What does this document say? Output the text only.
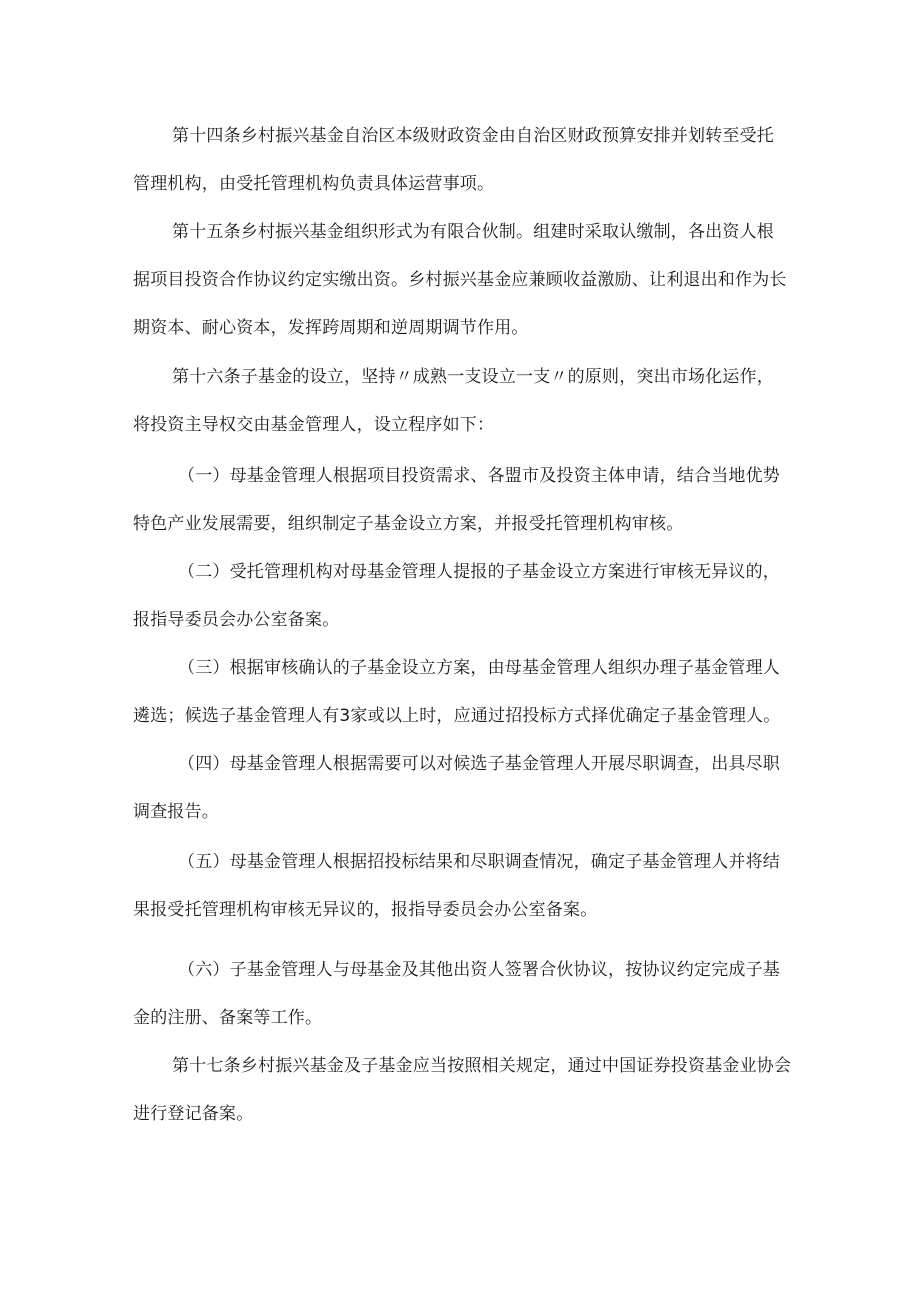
第十四条乡村振兴基金自治区本级财政资金由自治区财政预算安排并划转至受托
管理机构，由受托管理机构负责具体运营事项。
第十五条乡村振兴基金组织形式为有限合伙制。组建时采取认缴制，各出资人根
据项目投资合作协议约定实缴出资。乡村振兴基金应兼顾收益激励、让利退出和作为长
期资本、耐心资本，发挥跨周期和逆周期调节作用。
第十六条子基金的设立，坚持〃成熟一支设立一支〃的原则，突出市场化运作，
将投资主导权交由基金管理人，设立程序如下：
（一）母基金管理人根据项目投资需求、各盟市及投资主体申请，结合当地优势
特色产业发展需要，组织制定子基金设立方案，并报受托管理机构审核。
（二）受托管理机构对母基金管理人提报的子基金设立方案进行审核无异议的，
报指导委员会办公室备案。
（三）根据审核确认的子基金设立方案，由母基金管理人组织办理子基金管理人
遴选；候选子基金管理人有3家或以上时，应通过招投标方式择优确定子基金管理人。
（四）母基金管理人根据需要可以对候选子基金管理人开展尽职调查，出具尽职
调查报告。
（五）母基金管理人根据招投标结果和尽职调查情况，确定子基金管理人并将结
果报受托管理机构审核无异议的，报指导委员会办公室备案。
（六）子基金管理人与母基金及其他出资人签署合伙协议，按协议约定完成子基
金的注册、备案等工作。
第十七条乡村振兴基金及子基金应当按照相关规定，通过中国证券投资基金业协会
进行登记备案。
